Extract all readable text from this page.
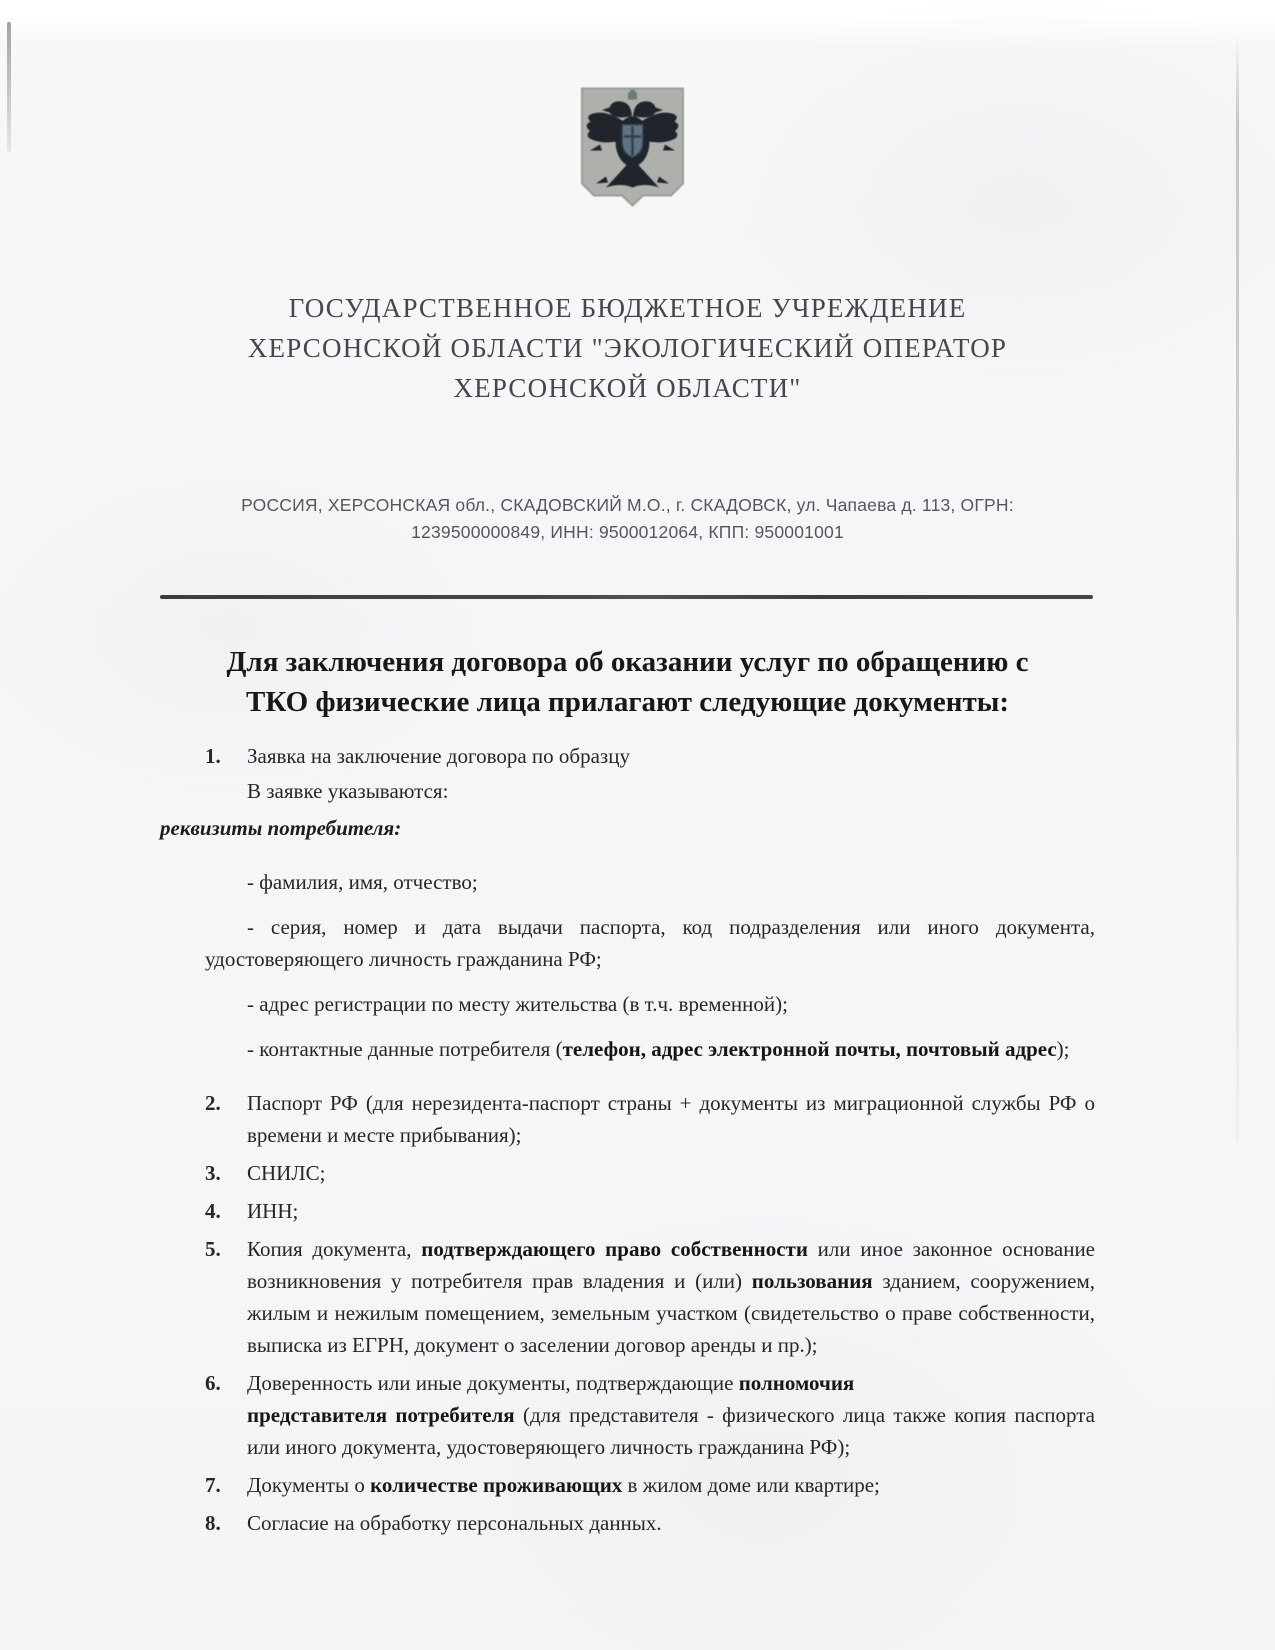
ГОСУДАРСТВЕННОЕ БЮДЖЕТНОЕ УЧРЕЖДЕНИЕ
ХЕРСОНСКОЙ ОБЛАСТИ "ЭКОЛОГИЧЕСКИЙ ОПЕРАТОР
ХЕРСОНСКОЙ ОБЛАСТИ"
РОССИЯ, ХЕРСОНСКАЯ обл., СКАДОВСКИЙ М.О., г. СКАДОВСК, ул. Чапаева д. 113, ОГРН:
1239500000849, ИНН: 9500012064, КПП: 950001001
Для заключения договора об оказании услуг по обращению с
ТКО физические лица прилагают следующие документы:
1. Заявка на заключение договора по образцу
В заявке указываются:
реквизиты потребителя:
- фамилия, имя, отчество;
- серия, номер и дата выдачи паспорта, код подразделения или иного документа, удостоверяющего личность гражданина РФ;
- адрес регистрации по месту жительства (в т.ч. временной);
- контактные данные потребителя (телефон, адрес электронной почты, почтовый адрес);
2. Паспорт РФ (для нерезидента-паспорт страны + документы из миграционной службы РФ о времени и месте прибывания);
3. СНИЛС;
4. ИНН;
5. Копия документа, подтверждающего право собственности или иное законное основание возникновения у потребителя прав владения и (или) пользования зданием, сооружением, жилым и нежилым помещением, земельным участком (свидетельство о праве собственности, выписка из ЕГРН, документ о заселении договор аренды и пр.);
6. Доверенность или иные документы, подтверждающие полномочия
представителя потребителя (для представителя - физического лица также копия паспорта или иного документа, удостоверяющего личность гражданина РФ);
7. Документы о количестве проживающих в жилом доме или квартире;
8. Согласие на обработку персональных данных.
